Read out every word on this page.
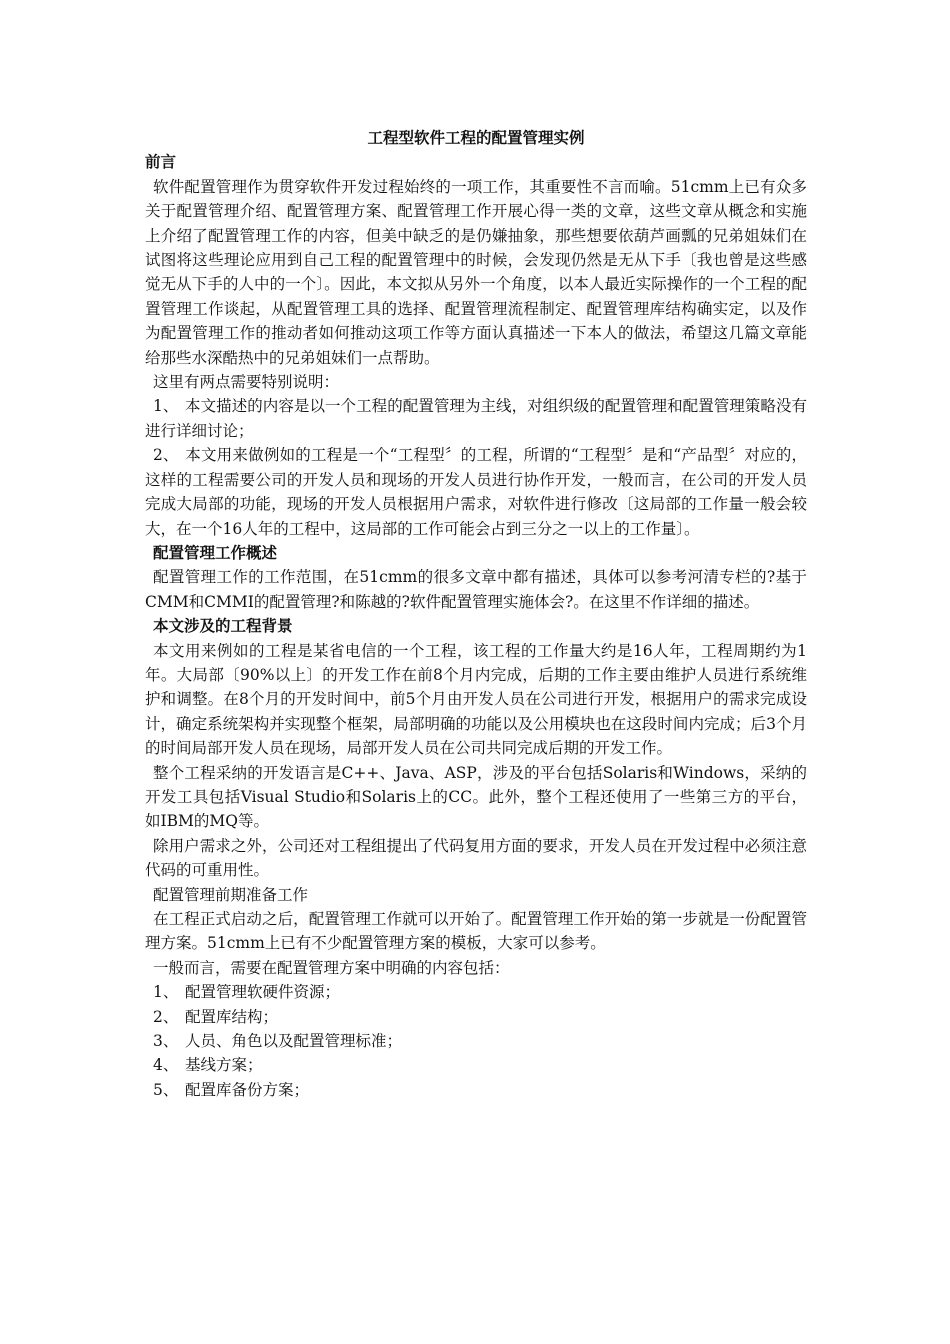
工程型软件工程的配置管理实例

前言

软件配置管理作为贯穿软件开发过程始终的一项工作，其重要性不言而喻。51cmm上已有众多关于配置管理介绍、配置管理方案、配置管理工作开展心得一类的文章，这些文章从概念和实施上介绍了配置管理工作的内容，但美中缺乏的是仍嫌抽象，那些想要依葫芦画瓢的兄弟姐妹们在试图将这些理论应用到自己工程的配置管理中的时候，会发现仍然是无从下手〔我也曾是这些感觉无从下手的人中的一个〕。因此，本文拟从另外一个角度，以本人最近实际操作的一个工程的配置管理工作谈起，从配置管理工具的选择、配置管理流程制定、配置管理库结构确实定，以及作为配置管理工作的推动者如何推动这项工作等方面认真描述一下本人的做法，希望这几篇文章能给那些水深酷热中的兄弟姐妹们一点帮助。

这里有两点需要特别说明：

1、 本文描述的内容是以一个工程的配置管理为主线，对组织级的配置管理和配置管理策略没有进行详细讨论；

2、 本文用来做例如的工程是一个“工程型〞的工程，所谓的“工程型〞是和“产品型〞对应的，这样的工程需要公司的开发人员和现场的开发人员进行协作开发，一般而言，在公司的开发人员完成大局部的功能，现场的开发人员根据用户需求，对软件进行修改〔这局部的工作量一般会较大，在一个16人年的工程中，这局部的工作可能会占到三分之一以上的工作量〕。

配置管理工作概述

配置管理工作的工作范围，在51cmm的很多文章中都有描述，具体可以参考河清专栏的?基于CMM和CMMI的配置管理?和陈越的?软件配置管理实施体会?。在这里不作详细的描述。

本文涉及的工程背景

本文用来例如的工程是某省电信的一个工程，该工程的工作量大约是16人年，工程周期约为1年。大局部〔90%以上〕的开发工作在前8个月内完成，后期的工作主要由维护人员进行系统维护和调整。在8个月的开发时间中，前5个月由开发人员在公司进行开发，根据用户的需求完成设计，确定系统架构并实现整个框架，局部明确的功能以及公用模块也在这段时间内完成；后3个月的时间局部开发人员在现场，局部开发人员在公司共同完成后期的开发工作。

整个工程采纳的开发语言是C++、Java、ASP，涉及的平台包括Solaris和Windows，采纳的开发工具包括Visual Studio和Solaris上的CC。此外，整个工程还使用了一些第三方的平台，如IBM的MQ等。

除用户需求之外，公司还对工程组提出了代码复用方面的要求，开发人员在开发过程中必须注意代码的可重用性。

配置管理前期准备工作

在工程正式启动之后，配置管理工作就可以开始了。配置管理工作开始的第一步就是一份配置管理方案。51cmm上已有不少配置管理方案的模板，大家可以参考。

一般而言，需要在配置管理方案中明确的内容包括：

1、 配置管理软硬件资源；

2、 配置库结构；

3、 人员、角色以及配置管理标准；

4、 基线方案；

5、 配置库备份方案；
